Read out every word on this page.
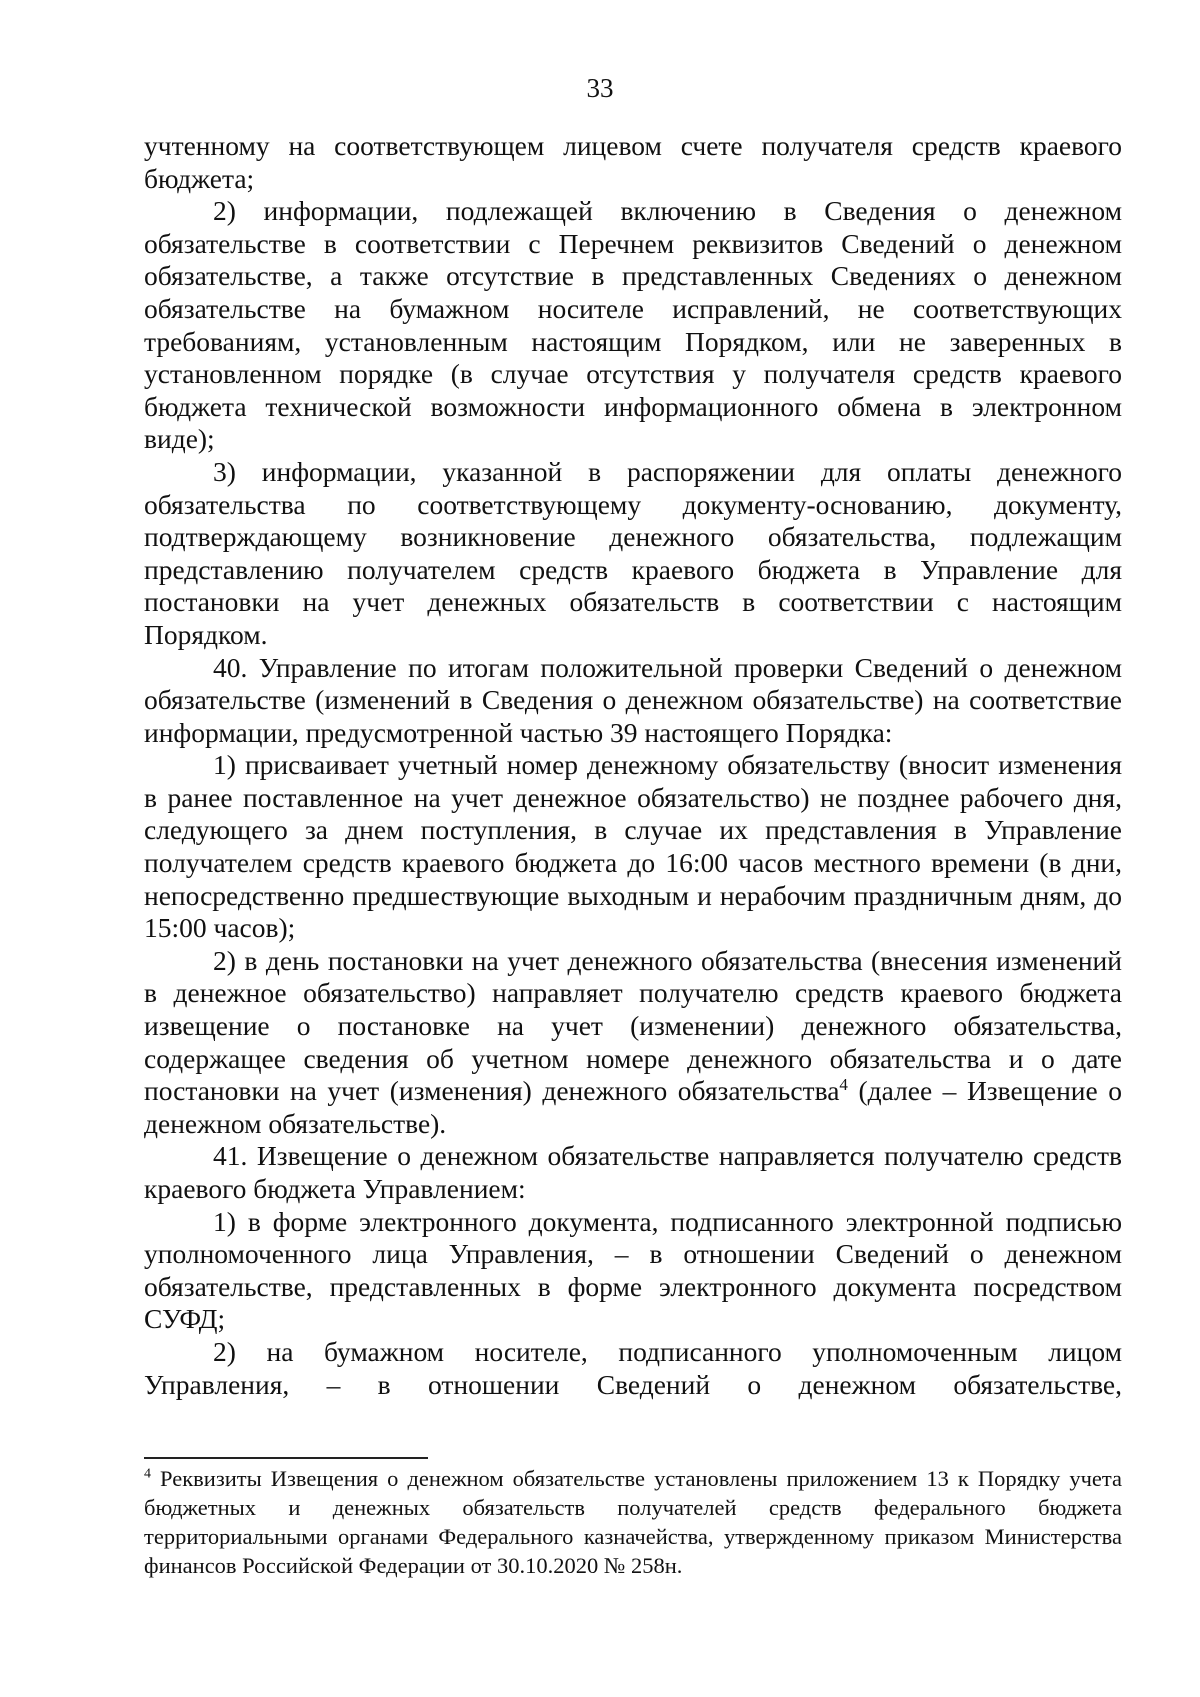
33

учтенному на соответствующем лицевом счете получателя средств краевого бюджета;

2) информации, подлежащей включению в Сведения о денежном обязательстве в соответствии с Перечнем реквизитов Сведений о денежном обязательстве, а также отсутствие в представленных Сведениях о денежном обязательстве на бумажном носителе исправлений, не соответствующих требованиям, установленным настоящим Порядком, или не заверенных в установленном порядке (в случае отсутствия у получателя средств краевого бюджета технической возможности информационного обмена в электронном виде);

3) информации, указанной в распоряжении для оплаты денежного обязательства по соответствующему документу-основанию, документу, подтверждающему возникновение денежного обязательства, подлежащим представлению получателем средств краевого бюджета в Управление для постановки на учет денежных обязательств в соответствии с настоящим Порядком.

40. Управление по итогам положительной проверки Сведений о денежном обязательстве (изменений в Сведения о денежном обязательстве) на соответствие информации, предусмотренной частью 39 настоящего Порядка:

1) присваивает учетный номер денежному обязательству (вносит изменения в ранее поставленное на учет денежное обязательство) не позднее рабочего дня, следующего за днем поступления, в случае их представления в Управление получателем средств краевого бюджета до 16:00 часов местного времени (в дни, непосредственно предшествующие выходным и нерабочим праздничным дням, до 15:00 часов);

2) в день постановки на учет денежного обязательства (внесения изменений в денежное обязательство) направляет получателю средств краевого бюджета извещение о постановке на учет (изменении) денежного обязательства, содержащее сведения об учетном номере денежного обязательства и о дате постановки на учет (изменения) денежного обязательства$^4$ (далее – Извещение о денежном обязательстве).

41. Извещение о денежном обязательстве направляется получателю средств краевого бюджета Управлением:

1) в форме электронного документа, подписанного электронной подписью уполномоченного лица Управления, – в отношении Сведений о денежном обязательстве, представленных в форме электронного документа посредством СУФД;

2) на бумажном носителе, подписанного уполномоченным лицом Управления, – в отношении Сведений о денежном обязательстве,

$^4$ Реквизиты Извещения о денежном обязательстве установлены приложением 13 к Порядку учета бюджетных и денежных обязательств получателей средств федерального бюджета территориальными органами Федерального казначейства, утвержденному приказом Министерства финансов Российской Федерации от 30.10.2020 № 258н.
